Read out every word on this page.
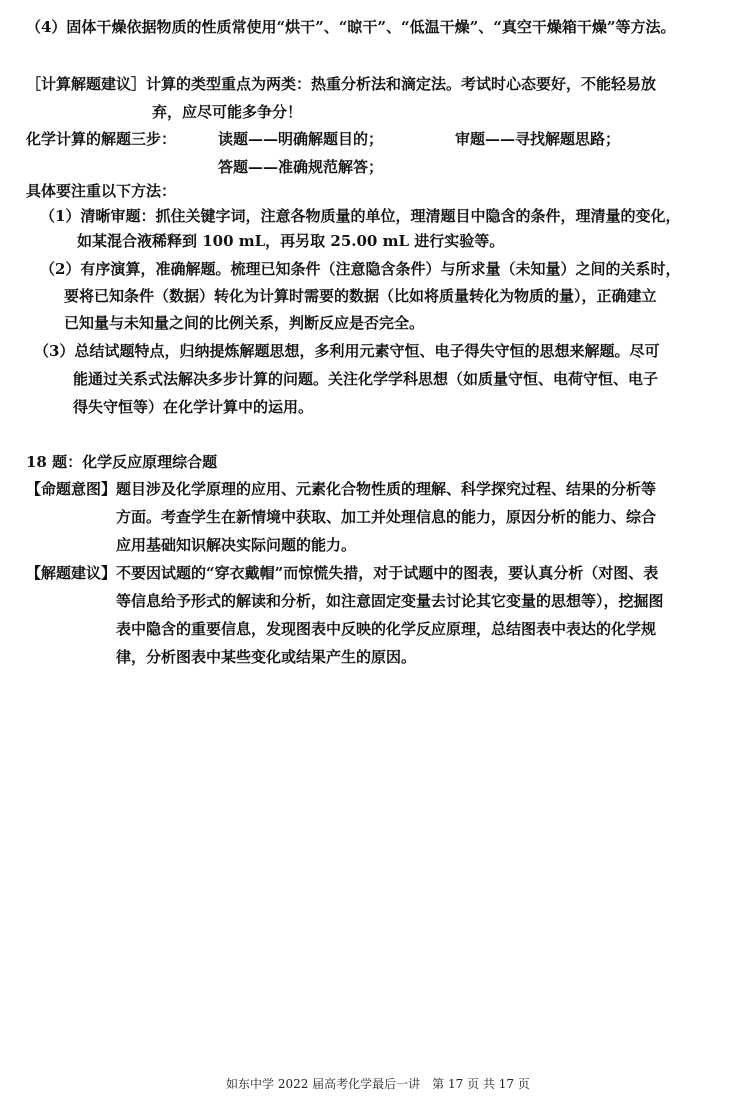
（4）固体干燥依据物质的性质常使用“烘干”、“晾干”、“低温干燥”、“真空干燥箱干燥”等方法。
［计算解题建议］计算的类型重点为两类：热重分析法和滴定法。考试时心态要好，不能轻易放
弃，应尽可能多争分！
化学计算的解题三步：	读题——明确解题目的；	审题——寻找解题思路；
答题——准确规范解答；
具体要注重以下方法：
（1）清晰审题：抓住关键字词，注意各物质量的单位，理清题目中隐含的条件，理清量的变化，
如某混合液稀释到 100 mL，再另取 25.00 mL 进行实验等。
（2）有序演算，准确解题。梳理已知条件（注意隐含条件）与所求量（未知量）之间的关系时，
要将已知条件（数据）转化为计算时需要的数据（比如将质量转化为物质的量），正确建立
已知量与未知量之间的比例关系，判断反应是否完全。
（3）总结试题特点，归纳提炼解题思想，多利用元素守恒、电子得失守恒的思想来解题。尽可
能通过关系式法解决多步计算的问题。关注化学学科思想（如质量守恒、电荷守恒、电子
得失守恒等）在化学计算中的运用。
18 题：化学反应原理综合题
【命题意图】题目涉及化学原理的应用、元素化合物性质的理解、科学探究过程、结果的分析等
方面。考查学生在新情境中获取、加工并处理信息的能力，原因分析的能力、综合
应用基础知识解决实际问题的能力。
【解题建议】不要因试题的“穿衣戴帽”而惊慌失措，对于试题中的图表，要认真分析（对图、表
等信息给予形式的解读和分析，如注意固定变量去讨论其它变量的思想等），挖掘图
表中隐含的重要信息，发现图表中反映的化学反应原理，总结图表中表达的化学规
律，分析图表中某些变化或结果产生的原因。
如东中学 2022 届高考化学最后一讲　第 17 页 共 17 页
